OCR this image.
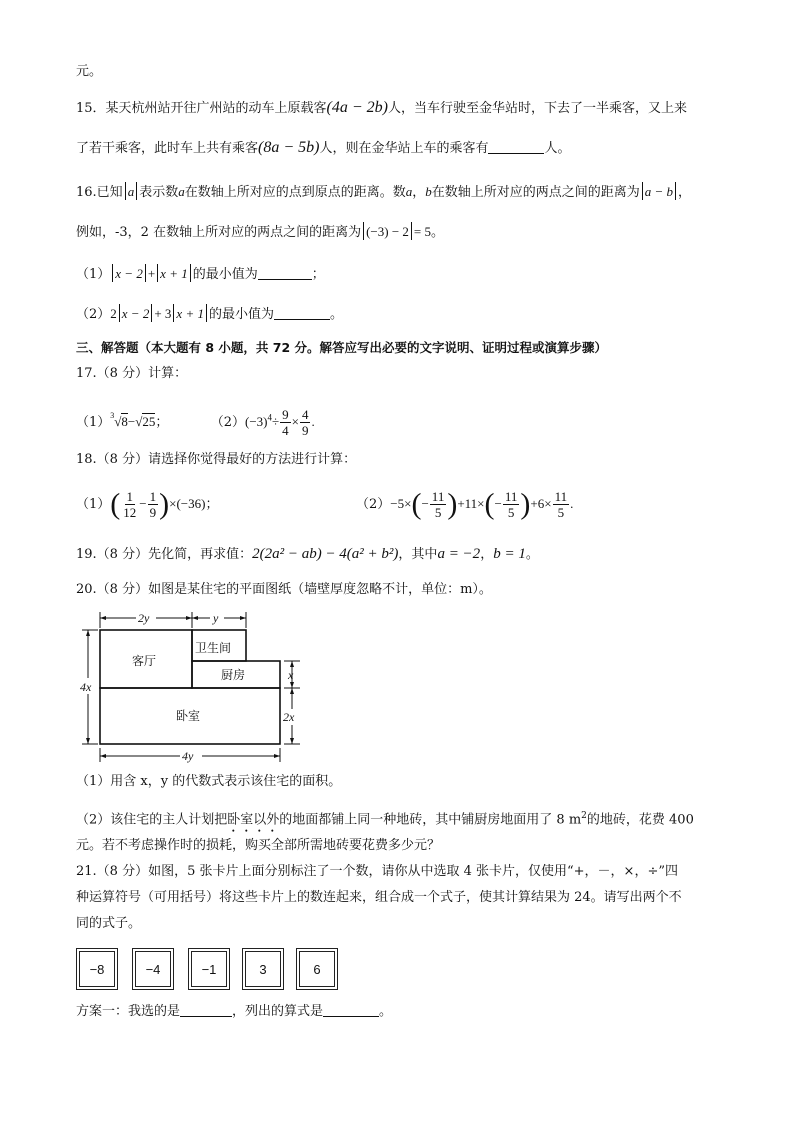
元。
15．某天杭州站开往广州站的动车上原载客(4a − 2b)人，当车行驶至金华站时，下去了一半乘客，又上来
了若干乘客，此时车上共有乘客(8a − 5b)人，则在金华站上车的乘客有	人。
16.已知 a 表示数a在数轴上所对应的点到原点的距离。数a，b在数轴上所对应的两点之间的距离为 a − b ，
例如，-3，2 在数轴上所对应的两点之间的距离为 (−3) − 2 = 5。
（1） x − 2 + x + 1 的最小值为	；
（2）2 x − 2 + 3 x + 1 的最小值为	。
三、解答题（本大题有 8 小题，共 72 分。解答应写出必要的文字说明、证明过程或演算步骤）
17.（8 分）计算：
$(1)^3√8-√25$；	$(2)(-3)^4\div \frac{9}{4} \times \frac{4}{9}$ .
18.（8 分）请选择你觉得最好的方法进行计算：
$(1)( \frac{1}{12} - \frac{1}{9} )\times(-36)$；	$(2)-5\times(- \frac{11}{5} )+11\times(- \frac{11}{5} )+6\times \frac{11}{5}$ .
19.（8 分）先化简，再求值：2(2a² − ab) − 4(a² + b²)，其中a = −2，b = 1。
20.（8 分）如图是某住宅的平面图纸（墙壁厚度忽略不计，单位：m）。
2y	y
4x
x
2x
4y
客厅
卫生间
厨房
卧室
（1）用含 x，y 的代数式表示该住宅的面积。
（2）该住宅的主人计划把卧室以外的地面都铺上同一种地砖，其中铺厨房地面用了 8 $m^2$的地砖，花费 400
元。若不考虑操作时的损耗，购买全部所需地砖要花费多少元？
21.（8 分）如图，5 张卡片上面分别标注了一个数，请你从中选取 4 张卡片，仅使用“+，－，×，÷”四
种运算符号（可用括号）将这些卡片上的数连起来，组合成一个式子，使其计算结果为 24。请写出两个不
同的式子。
−8	−4	−1	3	6
方案一：我选的是	，列出的算式是	。
